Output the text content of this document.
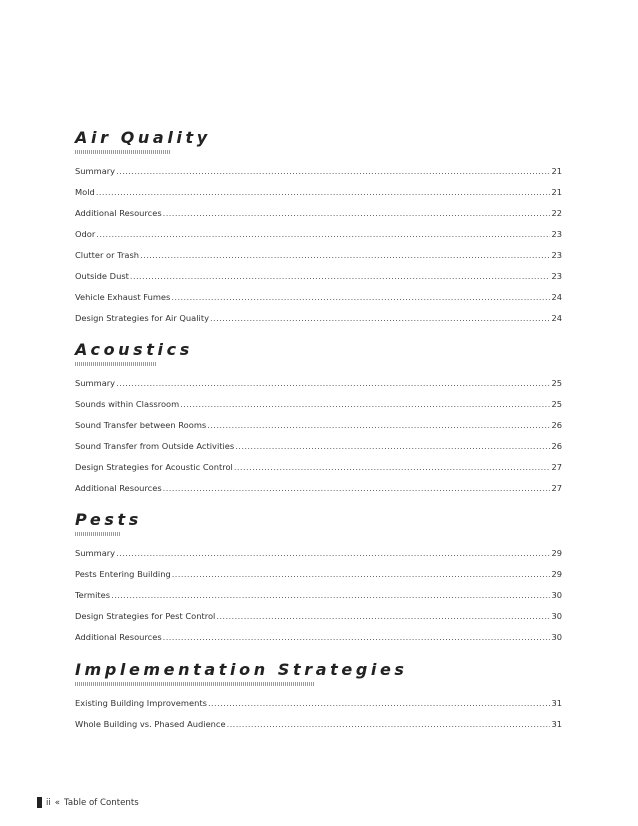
Air Quality
Summary .....	21
Mold .....	21
Additional Resources .....	22
Odor .....	23
Clutter or Trash .....	23
Outside Dust .....	23
Vehicle Exhaust Fumes .....	24
Design Strategies for Air Quality .....	24
Acoustics
Summary .....	25
Sounds within Classroom .....	25
Sound Transfer between Rooms .....	26
Sound Transfer from Outside Activities .....	26
Design Strategies for Acoustic Control .....	27
Additional Resources .....	27
Pests
Summary .....	29
Pests Entering Building .....	29
Termites .....	30
Design Strategies for Pest Control .....	30
Additional Resources .....	30
Implementation Strategies
Existing Building Improvements .....	31
Whole Building vs. Phased Audience .....	31
ii « Table of Contents
